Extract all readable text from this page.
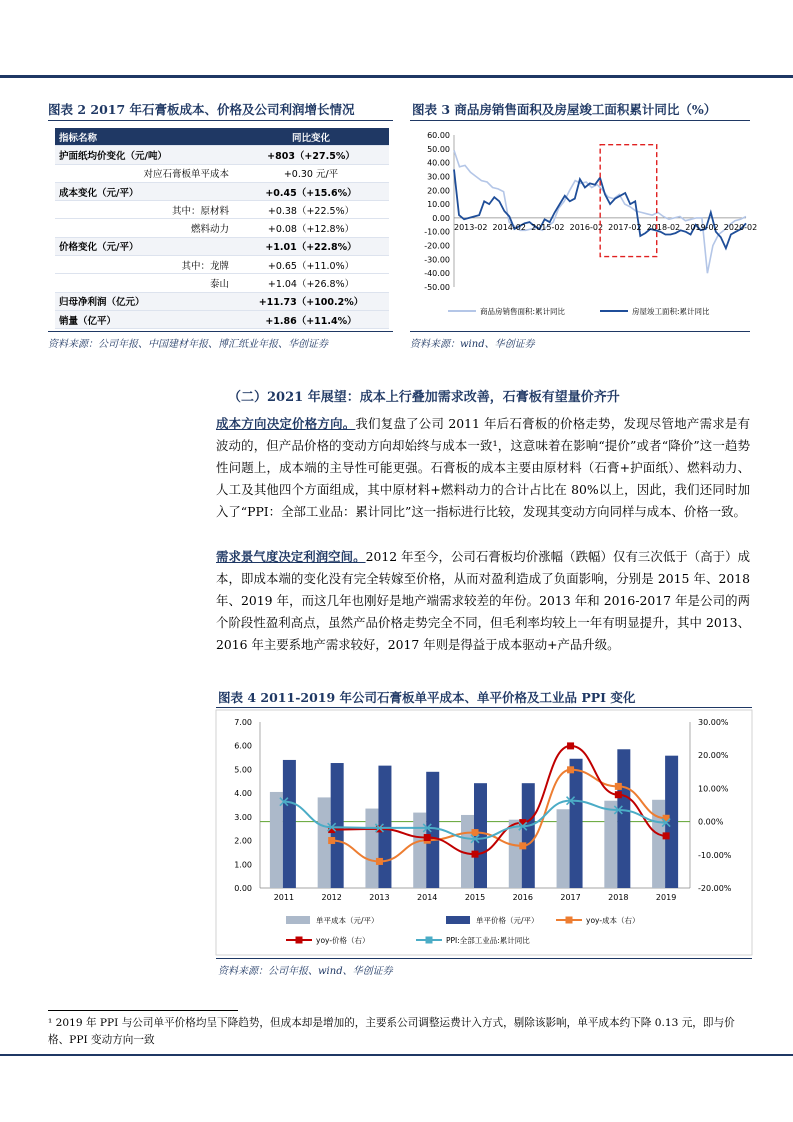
图表 2 2017 年石膏板成本、价格及公司利润增长情况
指标名称	同比变化
护面纸均价变化（元/吨）	+803（+27.5%）
对应石膏板单平成本	+0.30 元/平
成本变化（元/平）	+0.45（+15.6%）
其中：原材料	+0.38（+22.5%）
燃料动力	+0.08（+12.8%）
价格变化（元/平）	+1.01（+22.8%）
其中：龙牌	+0.65（+11.0%）
泰山	+1.04（+26.8%）
归母净利润（亿元）	+11.73（+100.2%）
销量（亿平）	+1.86（+11.4%）
资料来源：公司年报、中国建材年报、博汇纸业年报、华创证券
图表 3 商品房销售面积及房屋竣工面积累计同比（%）
60.00
50.00
40.00
30.00
20.00
10.00
0.00
-10.00
-20.00
-30.00
-40.00
-50.00
2013-02 2014-02 2015-02 2016-02 2017-02 2018-02 2019-02 2020-02
商品房销售面积:累计同比	房屋竣工面积:累计同比
资料来源：wind、华创证券
（二）2021 年展望：成本上行叠加需求改善，石膏板有望量价齐升
成本方向决定价格方向。我们复盘了公司 2011 年后石膏板的价格走势，发现尽管地产需求是有波动的，但产品价格的变动方向却始终与成本一致¹，这意味着在影响“提价”或者“降价”这一趋势性问题上，成本端的主导性可能更强。石膏板的成本主要由原材料（石膏+护面纸）、燃料动力、人工及其他四个方面组成，其中原材料+燃料动力的合计占比在 80%以上，因此，我们还同时加入了“PPI：全部工业品：累计同比”这一指标进行比较，发现其变动方向同样与成本、价格一致。
需求景气度决定利润空间。2012 年至今，公司石膏板均价涨幅（跌幅）仅有三次低于（高于）成本，即成本端的变化没有完全转嫁至价格，从而对盈利造成了负面影响，分别是 2015 年、2018 年、2019 年，而这几年也刚好是地产端需求较差的年份。2013 年和 2016-2017 年是公司的两个阶段性盈利高点，虽然产品价格走势完全不同，但毛利率均较上一年有明显提升，其中 2013、2016 年主要系地产需求较好，2017 年则是得益于成本驱动+产品升级。
图表 4 2011-2019 年公司石膏板单平成本、单平价格及工业品 PPI 变化
0.00
1.00
2.00
3.00
4.00
5.00
6.00
7.00
-20.00%
-10.00%
0.00%
10.00%
20.00%
30.00%
2011	2012	2013	2014	2015	2016	2017	2018	2019
单平成本（元/平）	单平价格（元/平）	yoy-成本（右）
yoy-价格（右）	PPI:全部工业品:累计同比
资料来源：公司年报、wind、华创证券
¹ 2019 年 PPI 与公司单平价格均呈下降趋势，但成本却是增加的，主要系公司调整运费计入方式，剔除该影响，单平成本约下降 0.13 元，即与价格、PPI 变动方向一致
